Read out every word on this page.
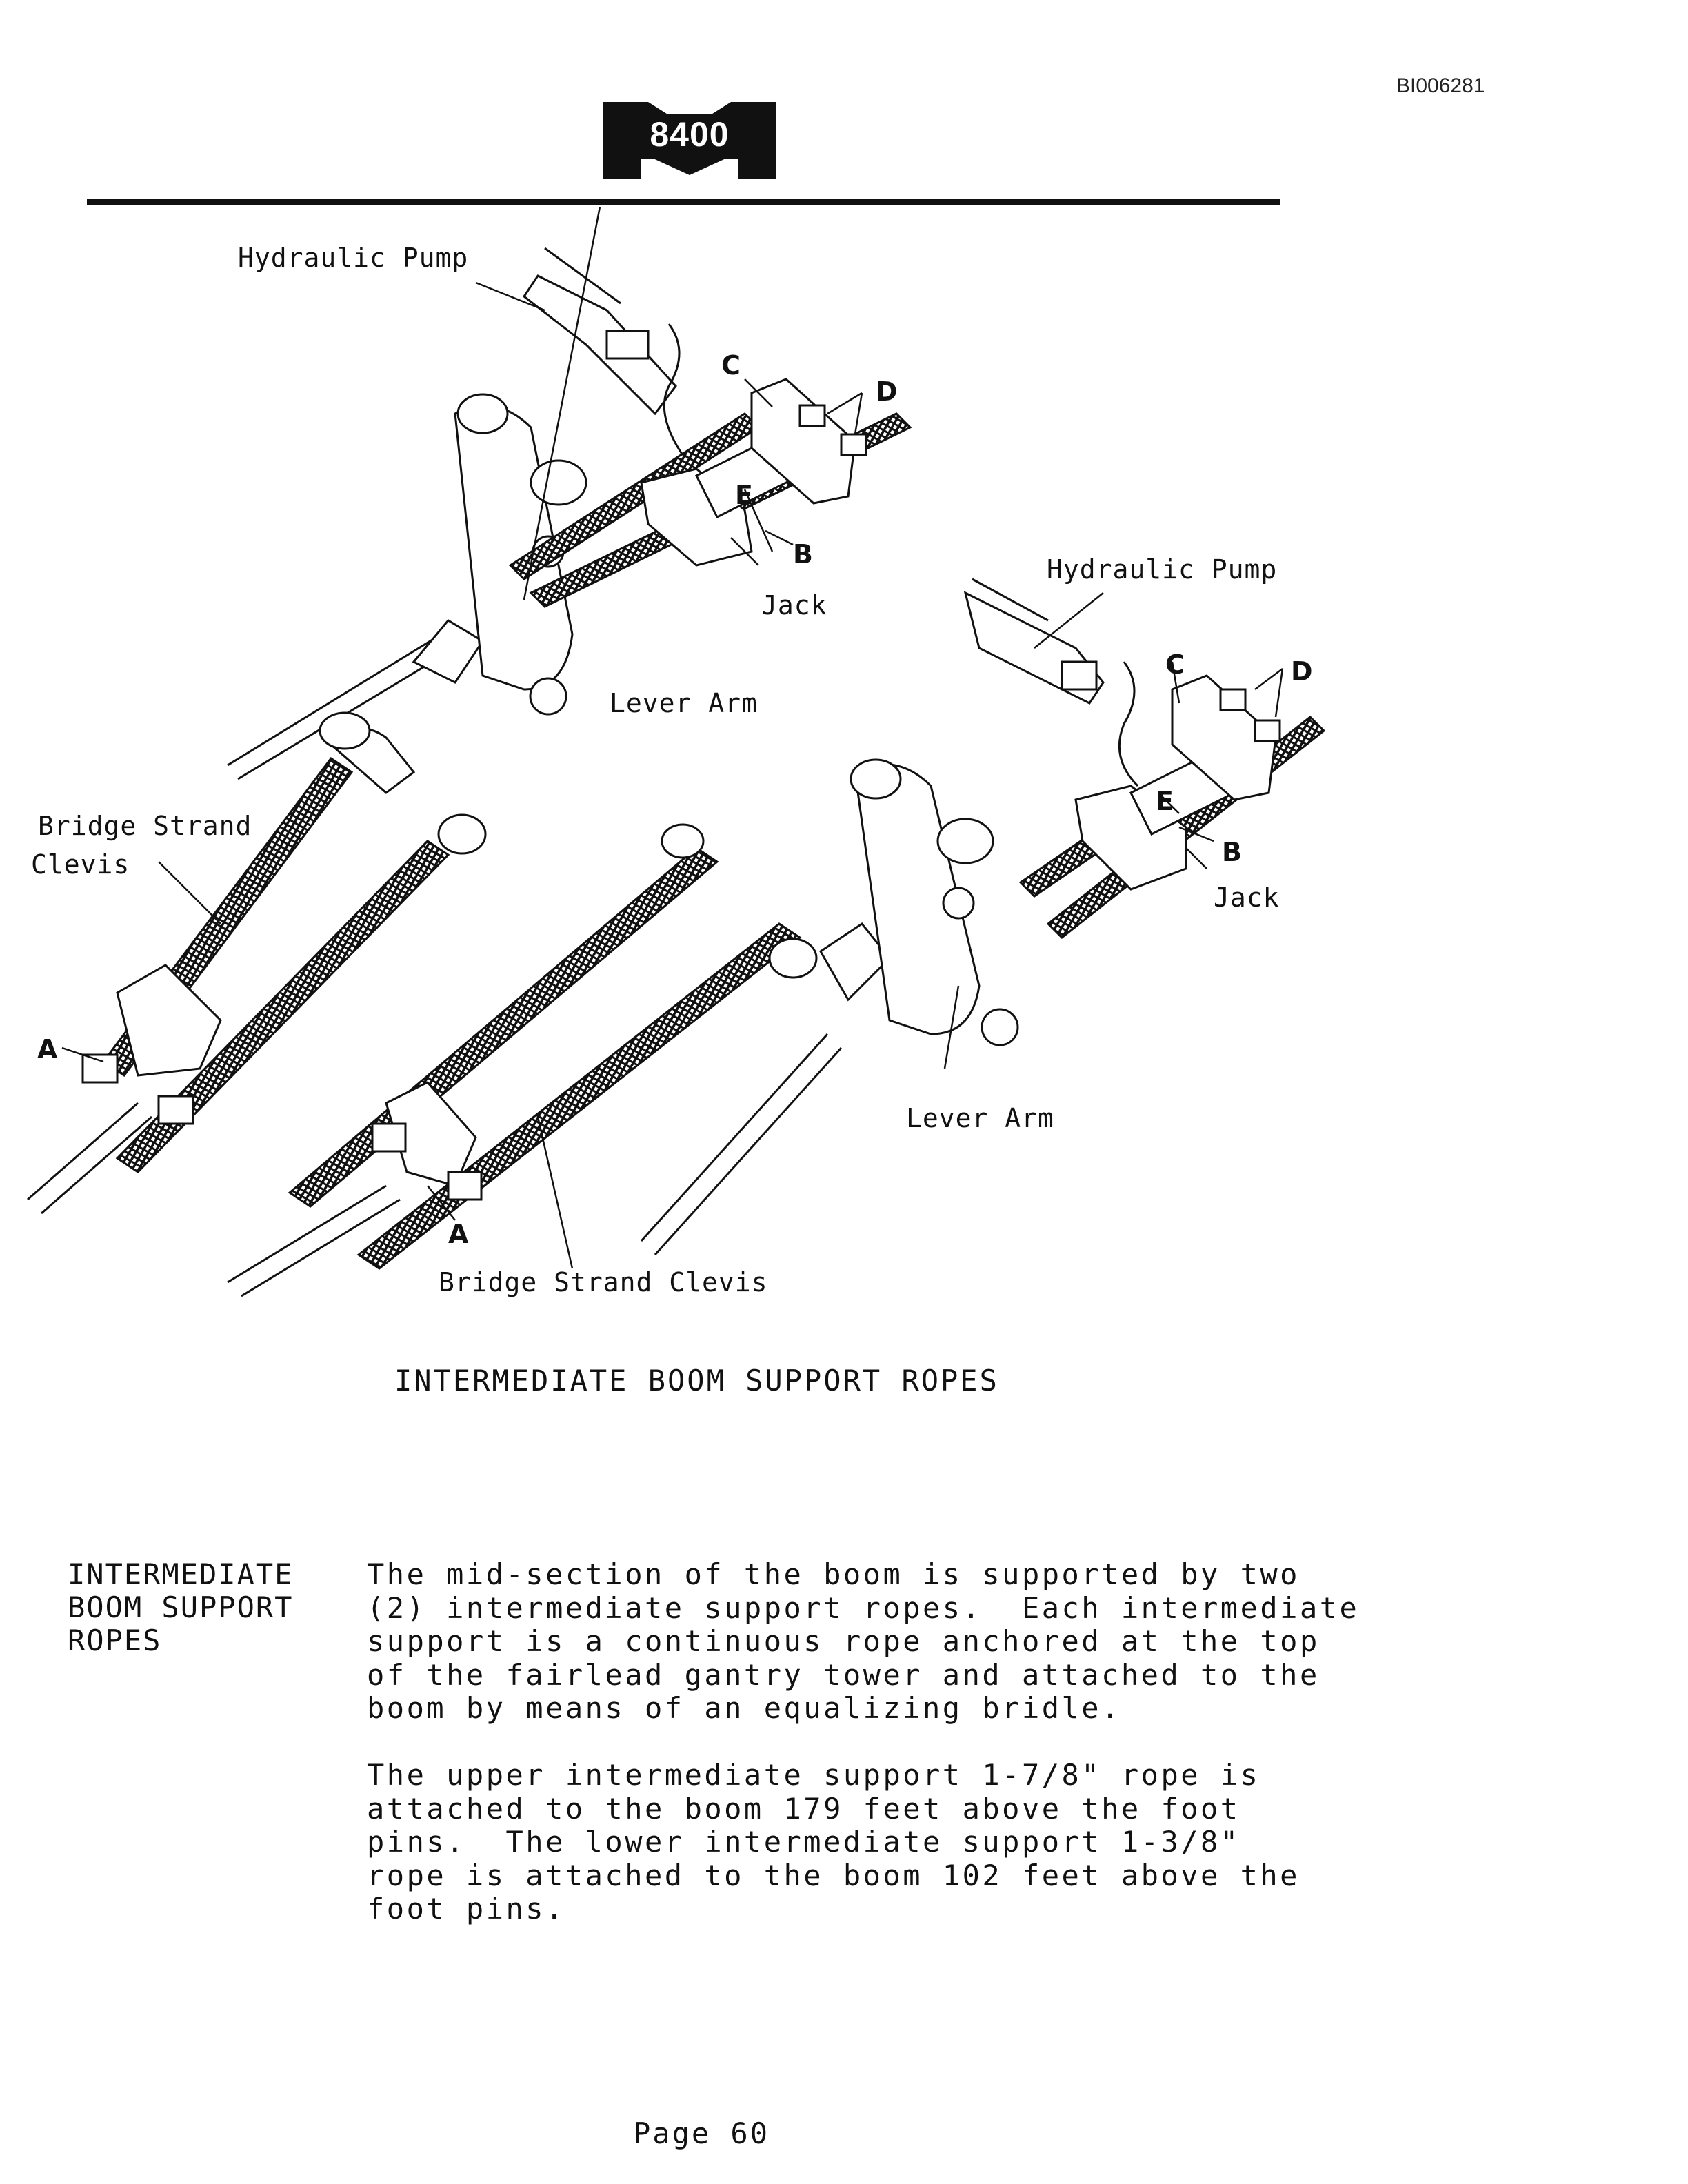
BI006281
8400
Hydraulic Pump
C
D
E
B
Jack
Lever Arm
Hydraulic Pump
C	D
E
B
Jack
Lever Arm
Bridge Strand
Clevis
A
A
Bridge Strand Clevis
INTERMEDIATE BOOM SUPPORT ROPES
INTERMEDIATE
BOOM SUPPORT
ROPES
The mid-section of the boom is supported by two
(2) intermediate support ropes.  Each intermediate
support is a continuous rope anchored at the top
of the fairlead gantry tower and attached to the
boom by means of an equalizing bridle.
The upper intermediate support 1-7/8" rope is
attached to the boom 179 feet above the foot
pins.  The lower intermediate support 1-3/8"
rope is attached to the boom 102 feet above the
foot pins.
Page 60
